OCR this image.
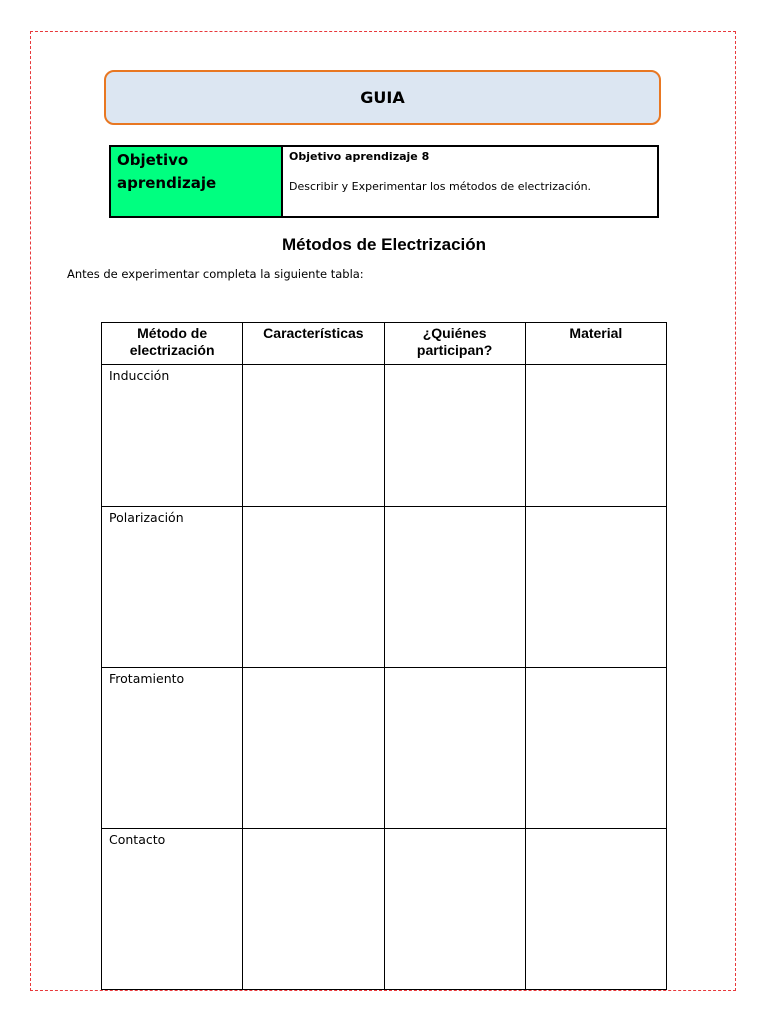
GUIA
Objetivo aprendizaje	
Objetivo aprendizaje 8
Describir y Experimentar los métodos de electrización.
Métodos de Electrización
Antes de experimentar completa la siguiente tabla:
Método de electrización	Características	¿Quiénes participan?	Material
Inducción			
Polarización			
Frotamiento			
Contacto			
